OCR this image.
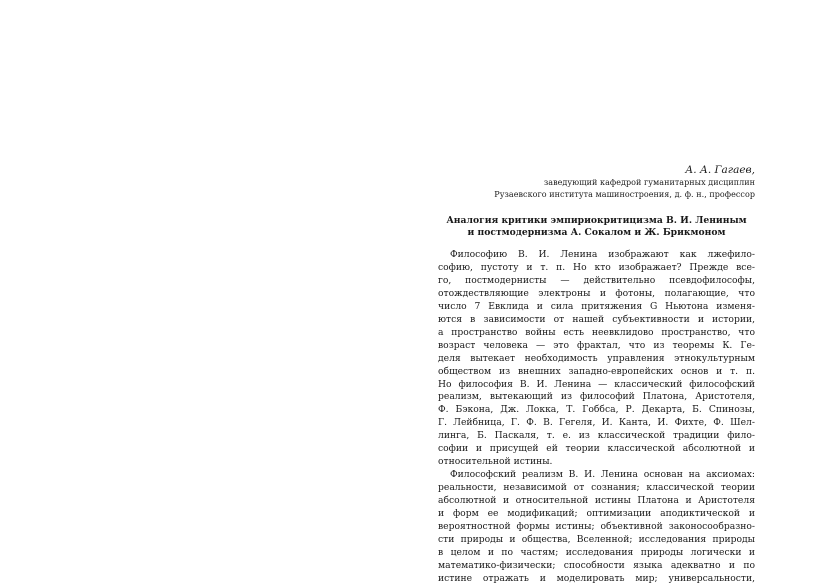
А. А. Гагаев,

заведующий кафедрой гуманитарных дисциплин
Рузаевского института машиностроения, д. ф. н., профессор

Аналогия критики эмпириокритицизма В. И. Лениным
и постмодернизма А. Сокалом и Ж. Брикмоном
Философию В. И. Ленина изображают как лжефило-
софию, пустоту и т. п. Но кто изображает? Прежде все-
го, постмодернисты — действительно псевдофилософы,
отождествляющие электроны и фотоны, полагающие, что
число 7 Евклида и сила притяжения G Ньютона изменя-
ются в зависимости от нашей субъективности и истории,
а пространство войны есть неевклидово пространство, что
возраст человека — это фрактал, что из теоремы К. Ге-
деля вытекает необходимость управления этнокультурным
обществом из внешних западно-европейских основ и т. п.
Но философия В. И. Ленина — классический философский
реализм, вытекающий из философий Платона, Аристотеля,
Ф. Бэкона, Дж. Локка, Т. Гоббса, Р. Декарта, Б. Спинозы,
Г. Лейбница, Г. Ф. В. Гегеля, И. Канта, И. Фихте, Ф. Шел-
линга, Б. Паскаля, т. е. из классической традиции фило-
софии и присущей ей теории классической абсолютной и
относительной истины.
Философский реализм В. И. Ленина основан на аксиомах:
реальности, независимой от сознания; классической теории
абсолютной и относительной истины Платона и Аристотеля
и форм ее модификаций; оптимизации аподиктической и
вероятностной формы истины; объективной законосообразно-
сти природы и общества, Вселенной; исследования природы
в целом и по частям; исследования природы логически и
математико-физически; способности языка адекватно и по
истине отражать и моделировать мир; универсальности,
